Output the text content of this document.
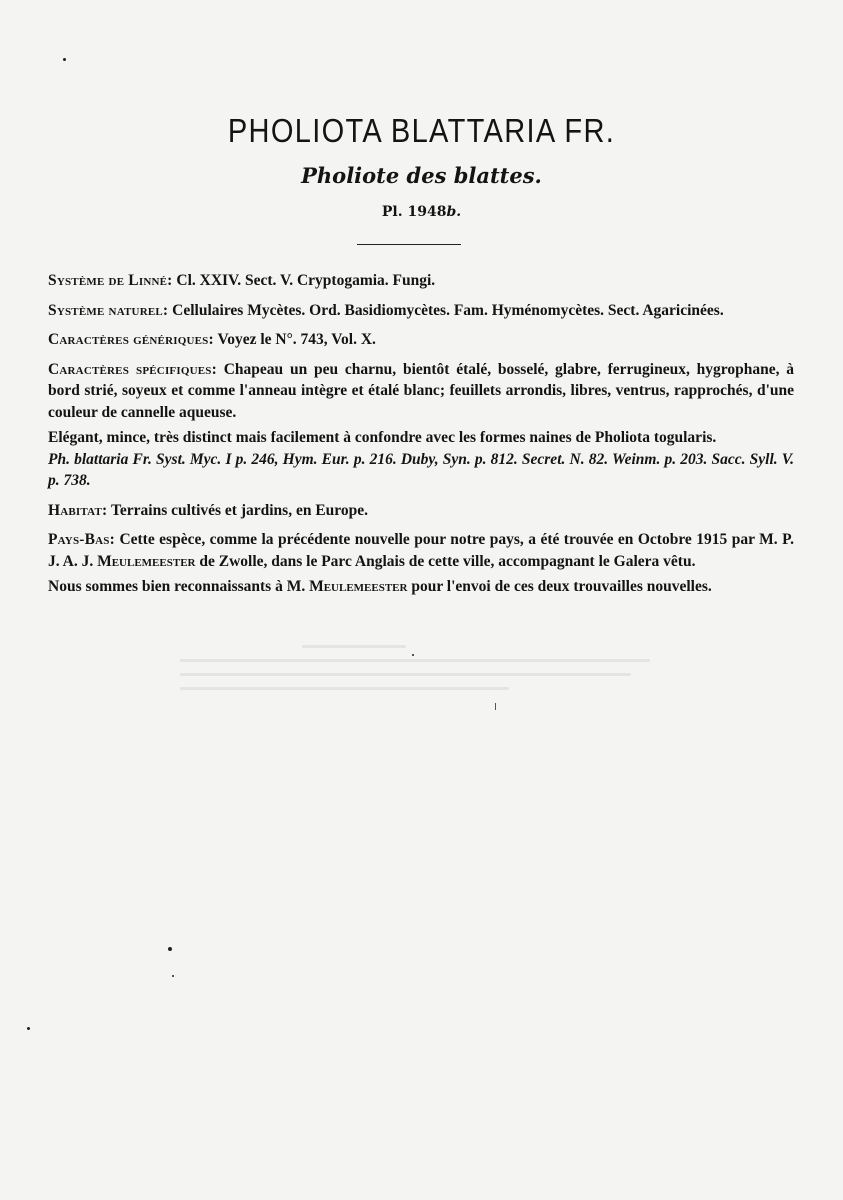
PHOLIOTA BLATTARIA FR.
Pholiote des blattes.
Pl. 1948b.

Système de Linné: Cl. XXIV. Sect. V. Cryptogamia. Fungi.

Système naturel: Cellulaires Mycètes. Ord. Basidiomycètes. Fam. Hyménomycètes. Sect. Agaricinées.

Caractères génériques: Voyez le N°. 743, Vol. X.

Caractères spécifiques: Chapeau un peu charnu, bientôt étalé, bosselé, glabre, ferrugineux, hygrophane, à bord strié, soyeux et comme l'anneau intègre et étalé blanc; feuillets arrondis, libres, ventrus, rapprochés, d'une couleur de cannelle aqueuse.

Elégant, mince, très distinct mais facilement à confondre avec les formes naines de Pholiota togularis.

Ph. blattaria Fr. Syst. Myc. I p. 246, Hym. Eur. p. 216. Duby, Syn. p. 812. Secret. N. 82. Weinm. p. 203. Sacc. Syll. V. p. 738.

Habitat: Terrains cultivés et jardins, en Europe.

Pays-Bas: Cette espèce, comme la précédente nouvelle pour notre pays, a été trouvée en Octobre 1915 par M. P. J. A. J. Meulemeester de Zwolle, dans le Parc Anglais de cette ville, accompagnant le Galera vêtu.

Nous sommes bien reconnaissants à M. Meulemeester pour l'envoi de ces deux trouvailles nouvelles.
